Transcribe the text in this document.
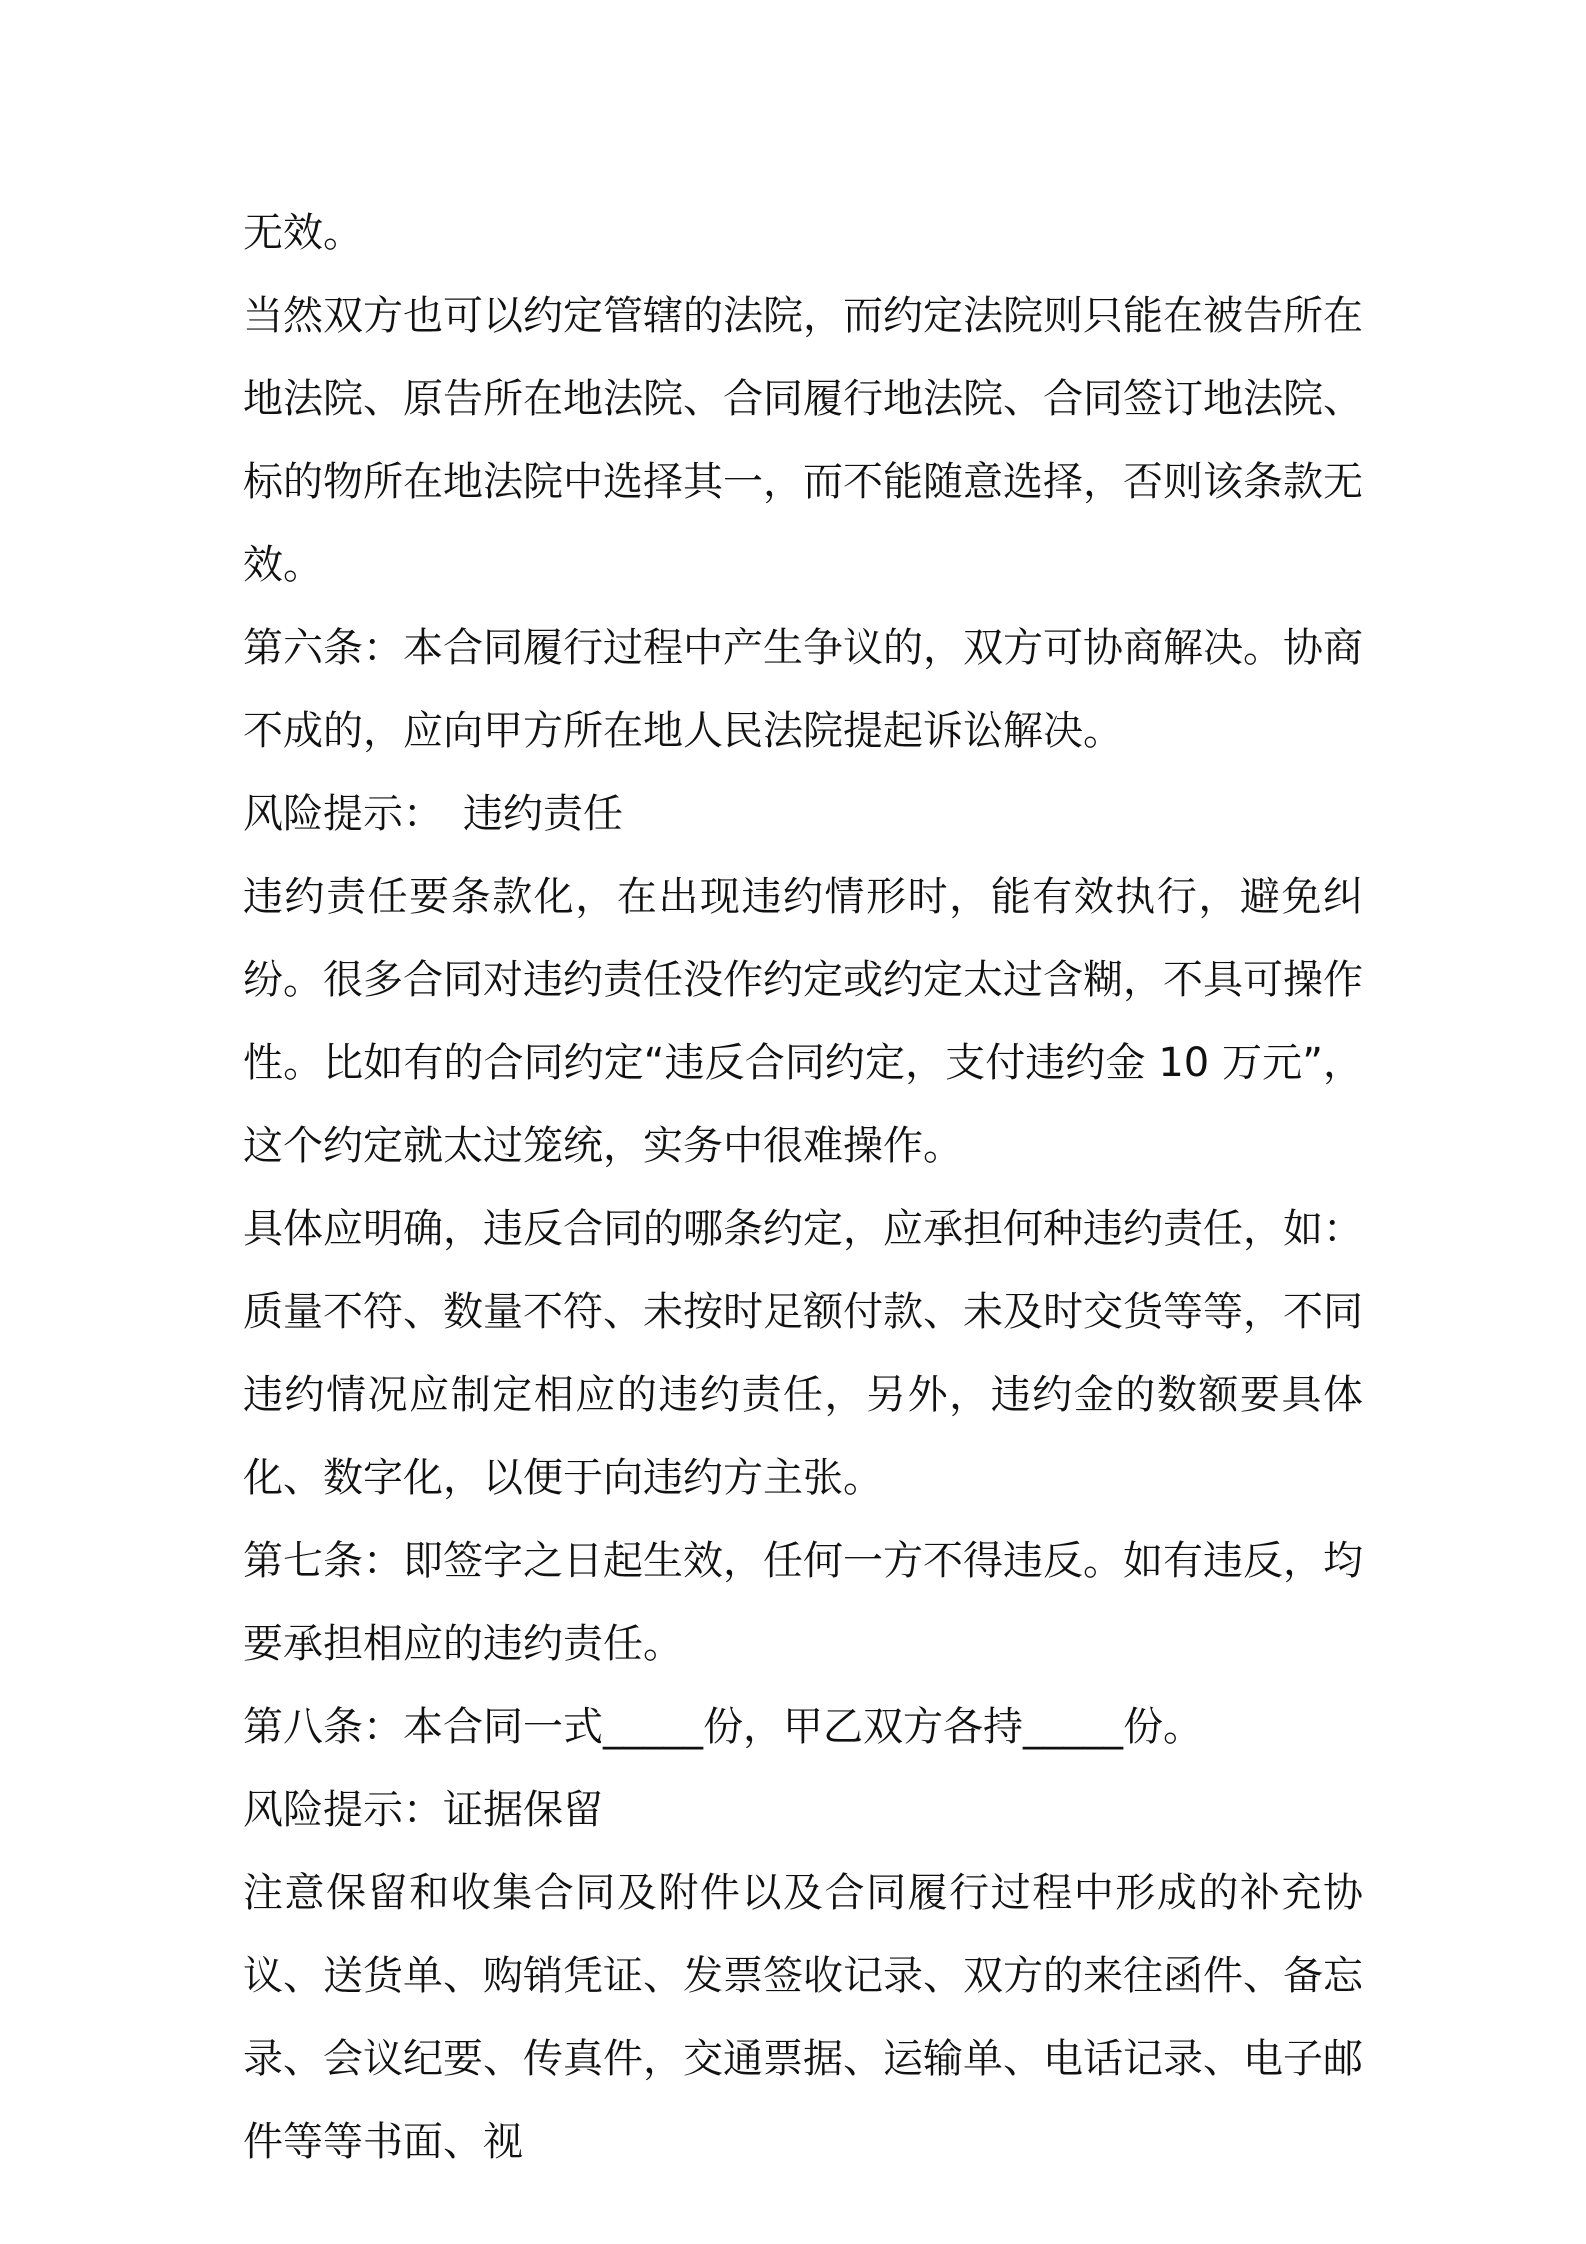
无效。

当然双方也可以约定管辖的法院，而约定法院则只能在被告所在地法院、原告所在地法院、合同履行地法院、合同签订地法院、标的物所在地法院中选择其一，而不能随意选择，否则该条款无效。

第六条：本合同履行过程中产生争议的，双方可协商解决。协商不成的，应向甲方所在地人民法院提起诉讼解决。

风险提示：　违约责任

违约责任要条款化，在出现违约情形时，能有效执行，避免纠纷。很多合同对违约责任没作约定或约定太过含糊，不具可操作性。比如有的合同约定“违反合同约定，支付违约金 10 万元”，这个约定就太过笼统，实务中很难操作。

具体应明确，违反合同的哪条约定，应承担何种违约责任，如：质量不符、数量不符、未按时足额付款、未及时交货等等，不同违约情况应制定相应的违约责任，另外，违约金的数额要具体化、数字化，以便于向违约方主张。

第七条：即签字之日起生效，任何一方不得违反。如有违反，均要承担相应的违约责任。

第八条：本合同一式_____份，甲乙双方各持_____份。

风险提示：证据保留

注意保留和收集合同及附件以及合同履行过程中形成的补充协议、送货单、购销凭证、发票签收记录、双方的来往函件、备忘录、会议纪要、传真件，交通票据、运输单、电话记录、电子邮件等等书面、视
